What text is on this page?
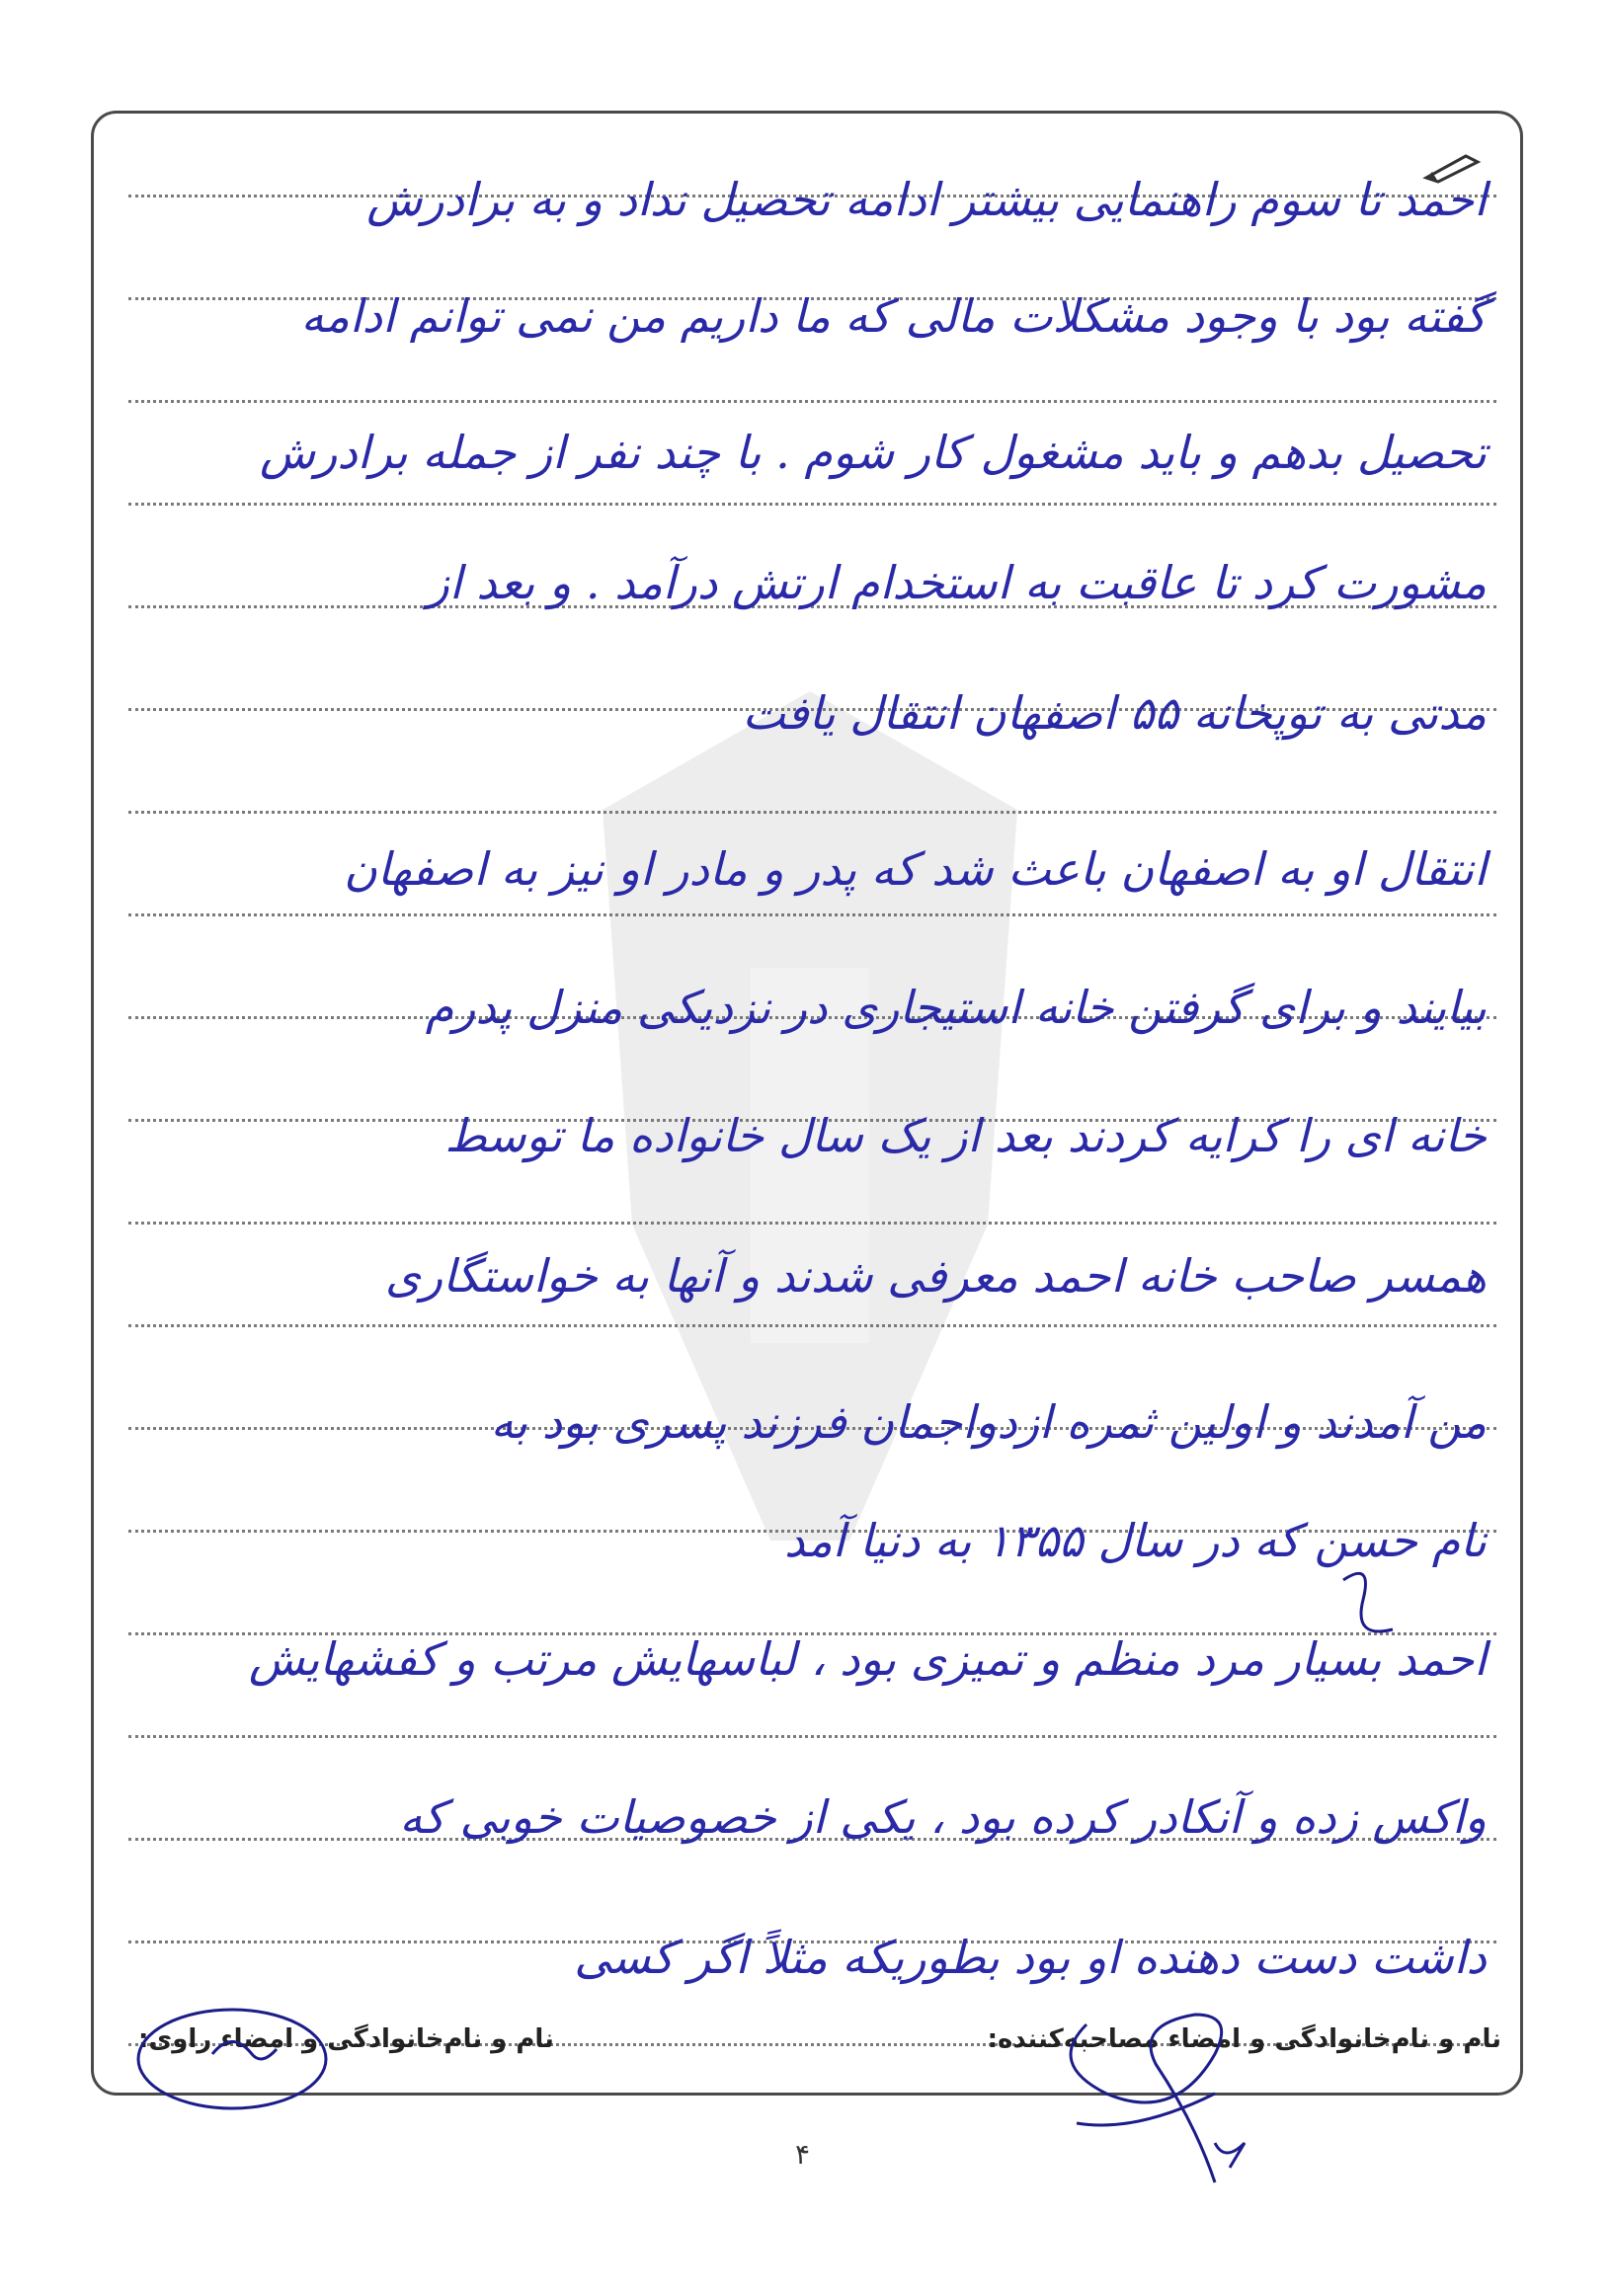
احمد تا سوم راهنمایی بیشتر ادامه تحصیل نداد و به برادرش
گفته بود با وجود مشکلات مالی که ما داریم من نمی توانم ادامه
تحصیل بدهم و باید مشغول کار شوم . با چند نفر از جمله برادرش
مشورت کرد تا عاقبت به استخدام ارتش درآمد . و بعد از
مدتی به توپخانه ۵۵ اصفهان انتقال یافت
انتقال او به اصفهان باعث شد که پدر و مادر او نیز به اصفهان
بیایند و برای گرفتن خانه استیجاری در نزدیکی منزل پدرم
خانه ای را کرایه کردند بعد از یک سال خانواده ما توسط
همسر صاحب خانه احمد معرفی شدند و آنها به خواستگاری
من آمدند و اولین ثمره ازدواجمان فرزند پسری بود به
نام حسن که در سال ۱۳۵۵ به دنیا آمد
احمد بسیار مرد منظم و تمیزی بود ، لباسهایش مرتب و کفشهایش
واکس زده و آنکادر کرده بود ، یکی از خصوصیات خوبی که
داشت دست دهنده او بود بطوریکه مثلاً اگر کسی
نام و نام‌خانوادگی و امضاء مصاحبه‌کننده:
نام و نام‌خانوادگی و امضاء راوی:
۴
